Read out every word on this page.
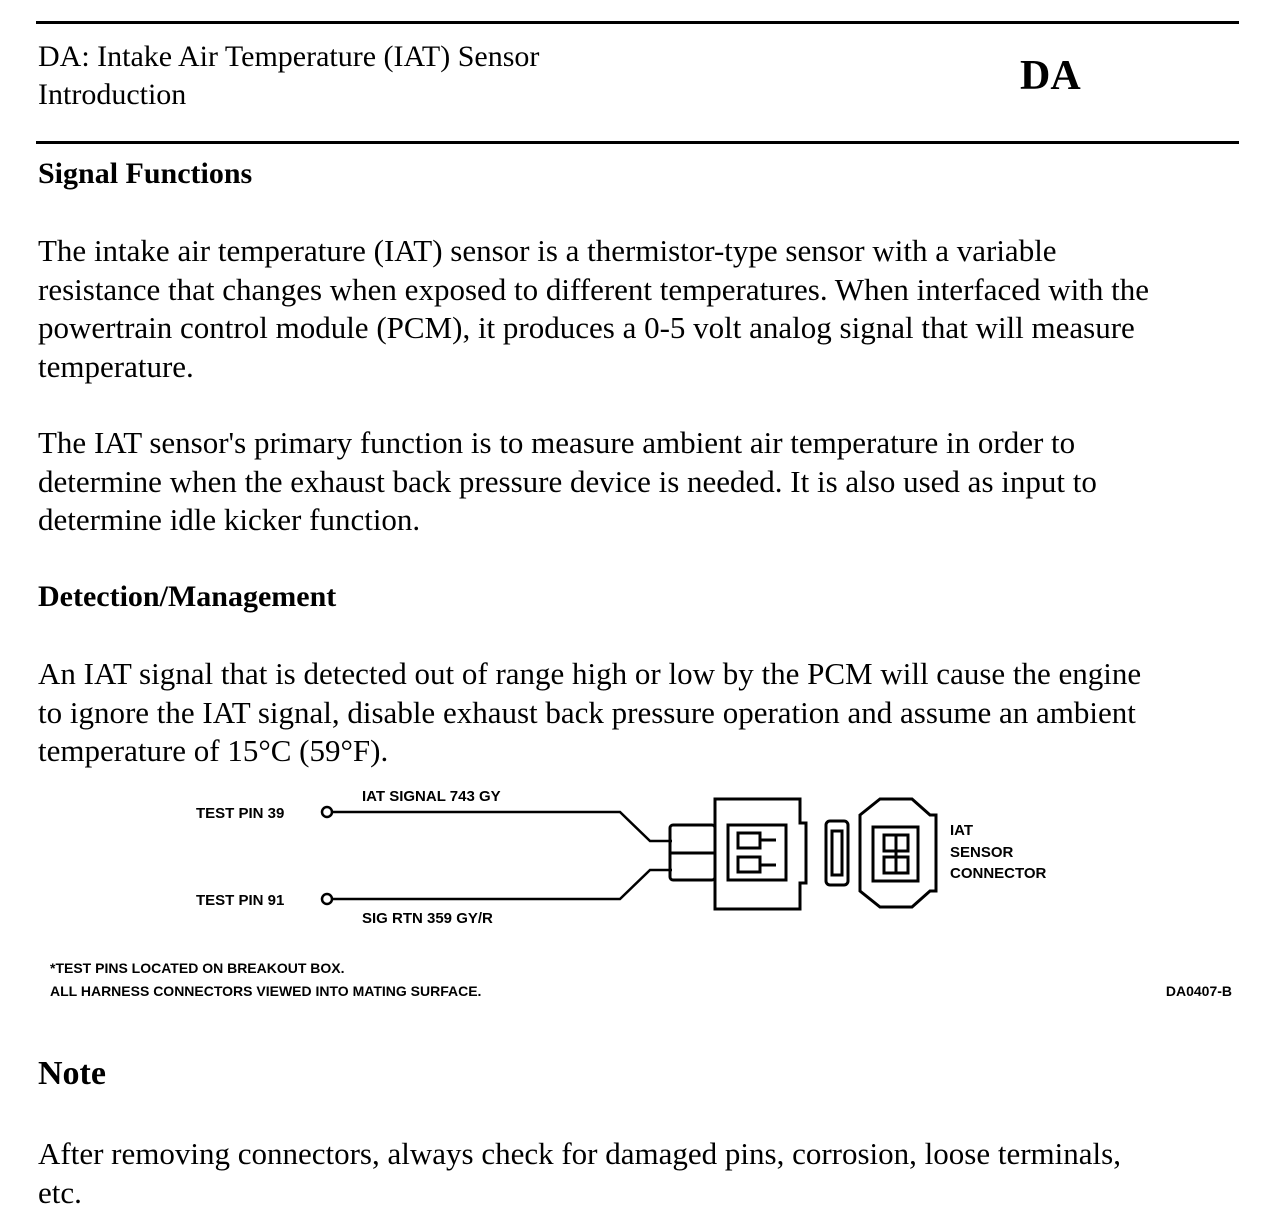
DA: Intake Air Temperature (IAT) Sensor
Introduction	DA
Signal Functions
The intake air temperature (IAT) sensor is a thermistor-type sensor with a variable
resistance that changes when exposed to different temperatures. When interfaced with the
powertrain control module (PCM), it produces a 0-5 volt analog signal that will measure
temperature.
The IAT sensor's primary function is to measure ambient air temperature in order to
determine when the exhaust back pressure device is needed. It is also used as input to
determine idle kicker function.
Detection/Management
An IAT signal that is detected out of range high or low by the PCM will cause the engine
to ignore the IAT signal, disable exhaust back pressure operation and assume an ambient
temperature of 15°C (59°F).
TEST PIN 39
TEST PIN 91
IAT SIGNAL 743 GY
SIG RTN 359 GY/R
IAT
SENSOR
CONNECTOR
*TEST PINS LOCATED ON BREAKOUT BOX.
ALL HARNESS CONNECTORS VIEWED INTO MATING SURFACE.	DA0407-B
Note
After removing connectors, always check for damaged pins, corrosion, loose terminals,
etc.
